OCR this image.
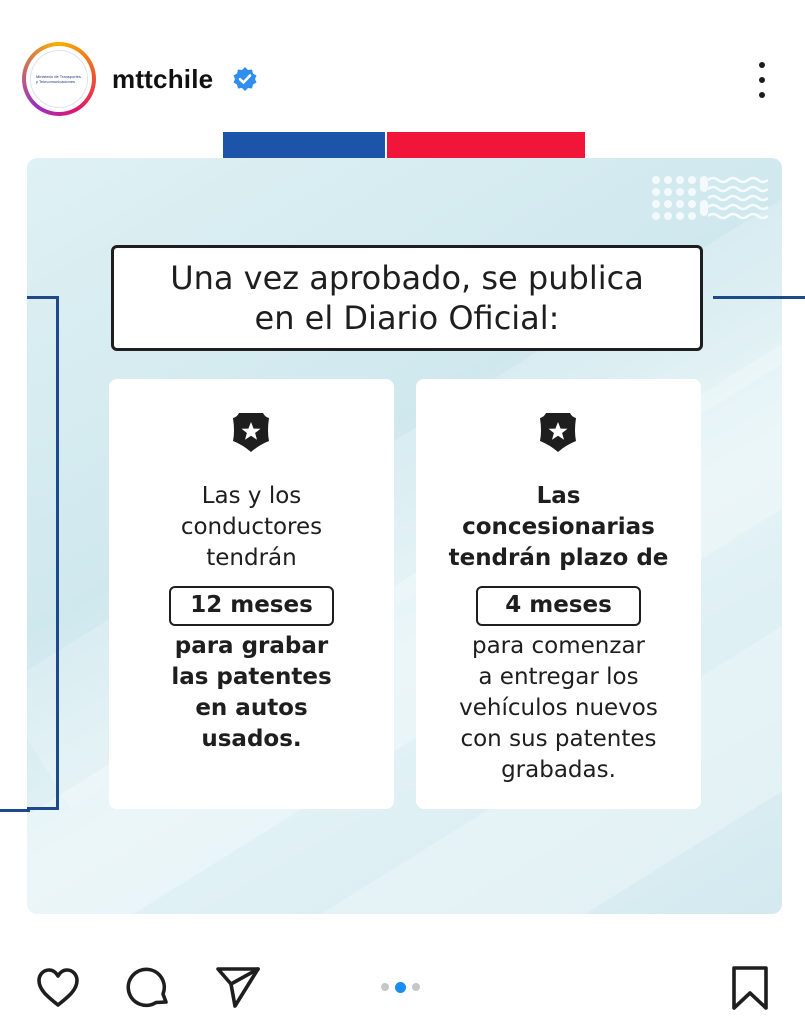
Ministerio de Transportes y Telecomunicaciones mttchile
Una vez aprobado, se publica
en el Diario Oficial:
Las y los
conductores
tendrán
12 meses
para grabar
las patentes
en autos
usados.
Las
concesionarias
tendrán plazo de
4 meses
para comenzar
a entregar los
vehículos nuevos
con sus patentes
grabadas.
